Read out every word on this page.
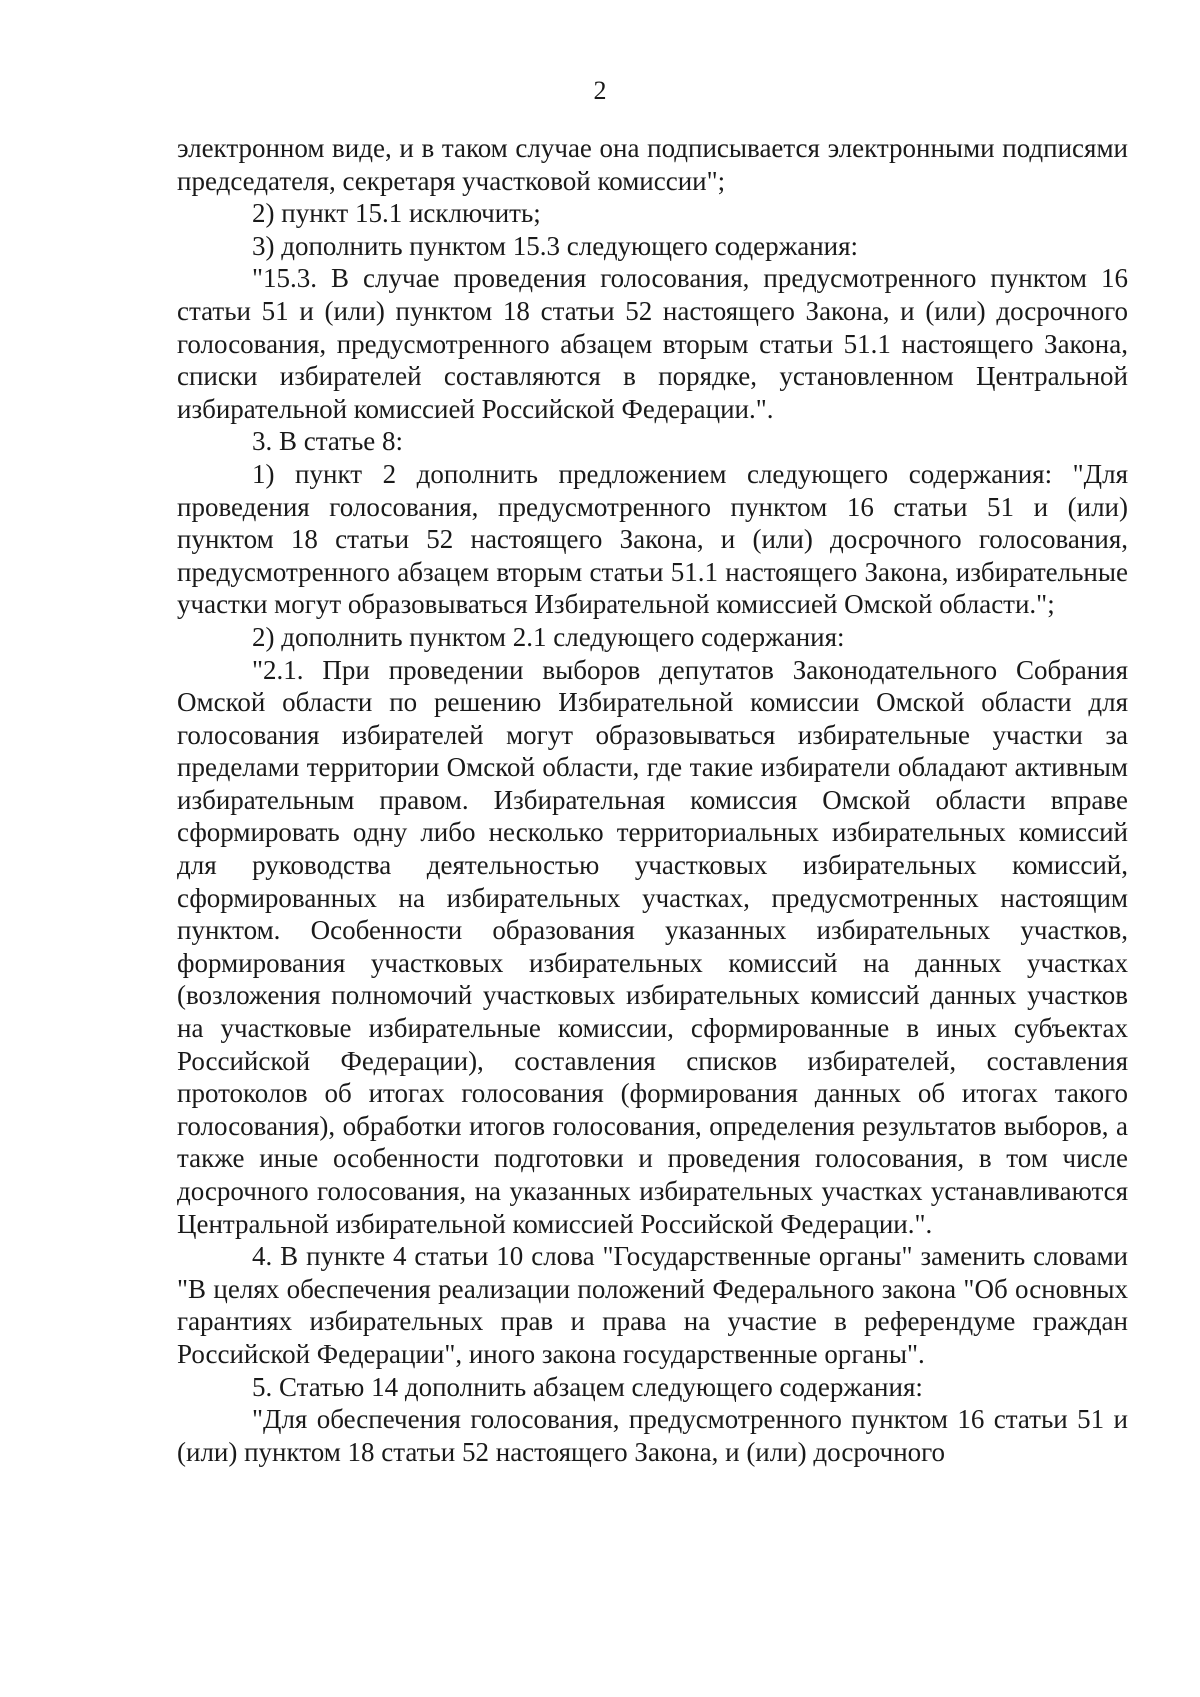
2

электронном виде, и в таком случае она подписывается электронными подписями председателя, секретаря участковой комиссии";

2) пункт 15.1 исключить;

3) дополнить пунктом 15.3 следующего содержания:

"15.3. В случае проведения голосования, предусмотренного пунктом 16 статьи 51 и (или) пунктом 18 статьи 52 настоящего Закона, и (или) досрочного голосования, предусмотренного абзацем вторым статьи 51.1 настоящего Закона, списки избирателей составляются в порядке, установленном Центральной избирательной комиссией Российской Федерации.".

3. В статье 8:

1) пункт 2 дополнить предложением следующего содержания: "Для проведения голосования, предусмотренного пунктом 16 статьи 51 и (или) пунктом 18 статьи 52 настоящего Закона, и (или) досрочного голосования, предусмотренного абзацем вторым статьи 51.1 настоящего Закона, избирательные участки могут образовываться Избирательной комиссией Омской области.";

2) дополнить пунктом 2.1 следующего содержания:

"2.1. При проведении выборов депутатов Законодательного Собрания Омской области по решению Избирательной комиссии Омской области для голосования избирателей могут образовываться избирательные участки за пределами территории Омской области, где такие избиратели обладают активным избирательным правом. Избирательная комиссия Омской области вправе сформировать одну либо несколько территориальных избирательных комиссий для руководства деятельностью участковых избирательных комиссий, сформированных на избирательных участках, предусмотренных настоящим пунктом. Особенности образования указанных избирательных участков, формирования участковых избирательных комиссий на данных участках (возложения полномочий участковых избирательных комиссий данных участков на участковые избирательные комиссии, сформированные в иных субъектах Российской Федерации), составления списков избирателей, составления протоколов об итогах голосования (формирования данных об итогах такого голосования), обработки итогов голосования, определения результатов выборов, а также иные особенности подготовки и проведения голосования, в том числе досрочного голосования, на указанных избирательных участках устанавливаются Центральной избирательной комиссией Российской Федерации.".

4. В пункте 4 статьи 10 слова "Государственные органы" заменить словами "В целях обеспечения реализации положений Федерального закона "Об основных гарантиях избирательных прав и права на участие в референдуме граждан Российской Федерации", иного закона государственные органы".

5. Статью 14 дополнить абзацем следующего содержания:

"Для обеспечения голосования, предусмотренного пунктом 16 статьи 51 и (или) пунктом 18 статьи 52 настоящего Закона, и (или) досрочного
